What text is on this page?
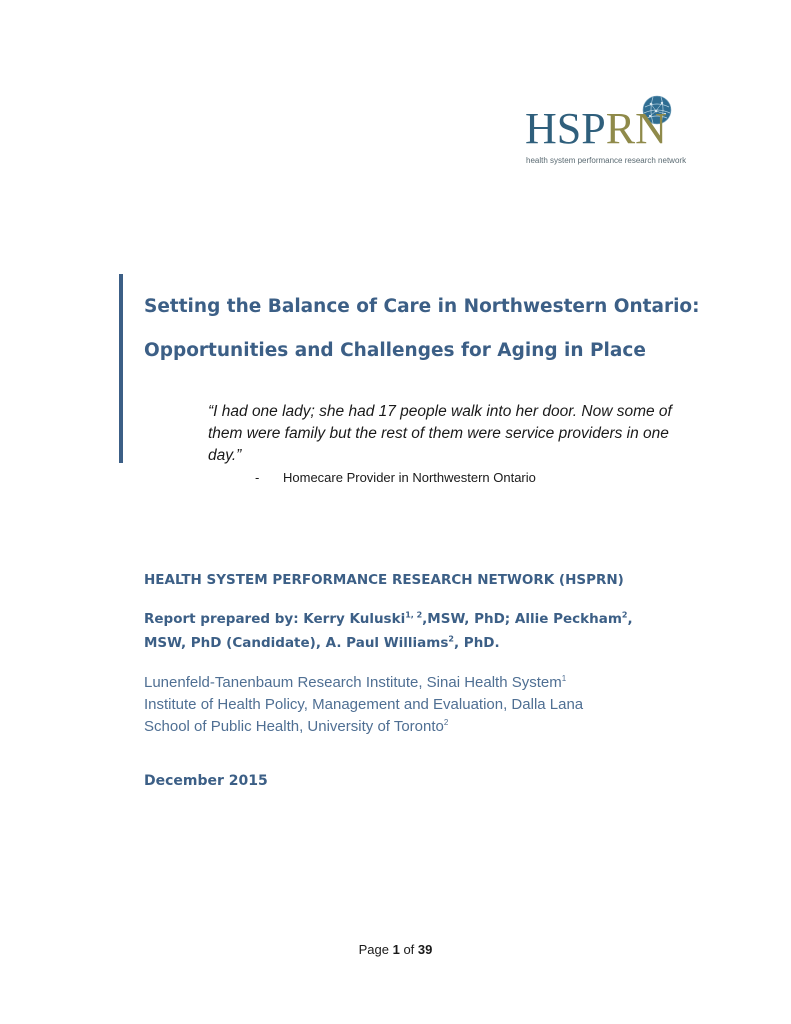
HSPRN
health system performance research network
Setting the Balance of Care in Northwestern Ontario:
Opportunities and Challenges for Aging in Place
“I had one lady; she had 17 people walk into her door. Now some of them were family but the rest of them were service providers in one day.”
- Homecare Provider in Northwestern Ontario
HEALTH SYSTEM PERFORMANCE RESEARCH NETWORK (HSPRN)
Report prepared by: Kerry Kuluski$^{1, 2}$,MSW, PhD; Allie Peckham$^2$,
MSW, PhD (Candidate), A. Paul Williams$^2$, PhD.
Lunenfeld-Tanenbaum Research Institute, Sinai Health System$^1$
Institute of Health Policy, Management and Evaluation, Dalla Lana
School of Public Health, University of Toronto$^2$
December 2015
Page 1 of 39
